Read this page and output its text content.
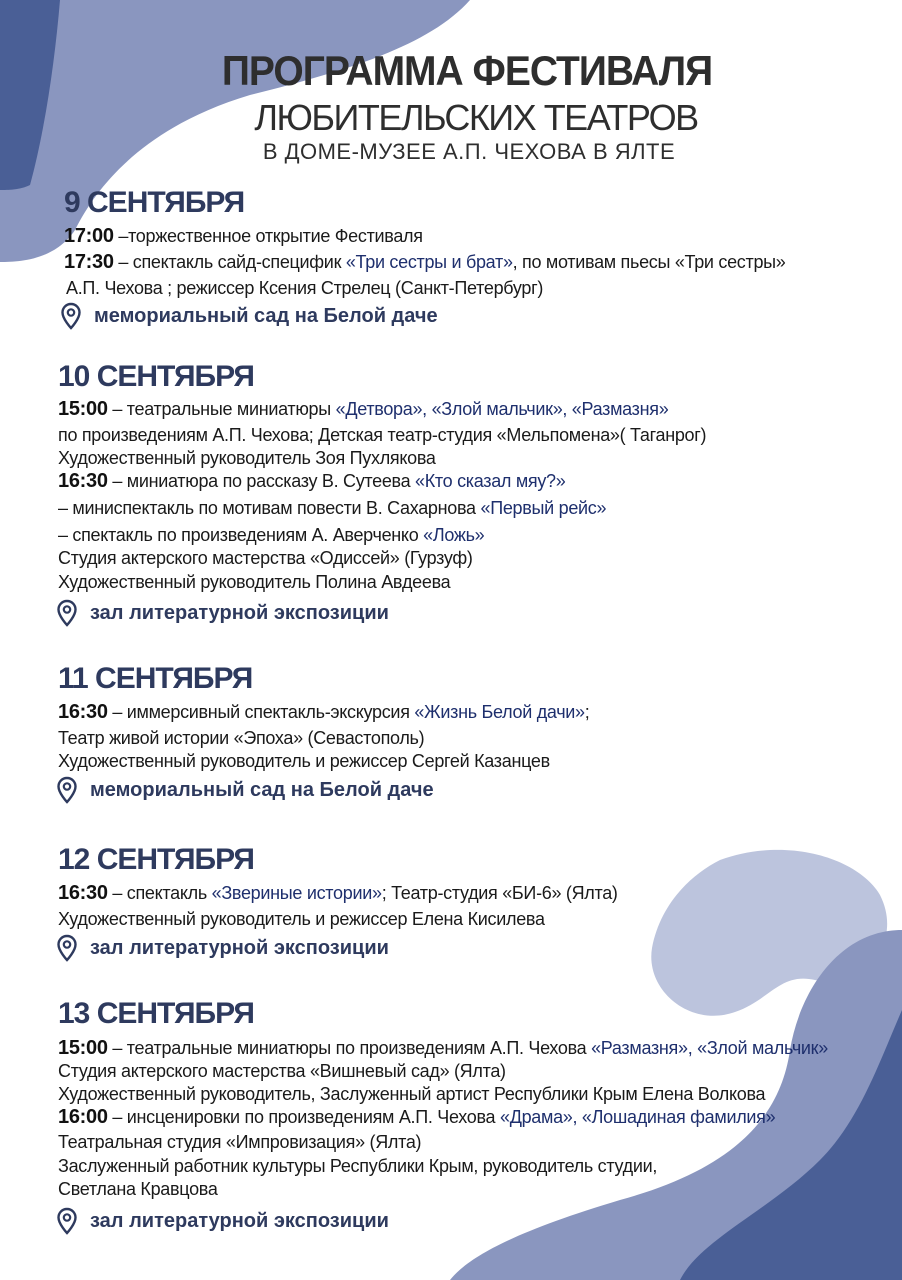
ПРОГРАММА ФЕСТИВАЛЯ
ЛЮБИТЕЛЬСКИХ ТЕАТРОВ
В ДОМЕ-МУЗЕЕ А.П. ЧЕХОВА В ЯЛТЕ
9 СЕНТЯБРЯ
17:00 –торжественное открытие Фестиваля
17:30 – спектакль сайд-специфик «Три сестры и брат», по мотивам пьесы «Три сестры»
А.П. Чехова ; режиссер Ксения Стрелец (Санкт-Петербург)
мемориальный сад на Белой даче
10 СЕНТЯБРЯ
15:00 – театральные миниатюры «Детвора», «Злой мальчик», «Размазня»
по произведениям А.П. Чехова; Детская театр-студия «Мельпомена»( Таганрог)
Художественный руководитель Зоя Пухлякова
16:30 – миниатюра по рассказу В. Сутеева «Кто сказал мяу?»
– миниспектакль по мотивам повести В. Сахарнова «Первый рейс»
– спектакль по произведениям А. Аверченко «Ложь»
Студия актерского мастерства «Одиссей» (Гурзуф)
Художественный руководитель Полина Авдеева
зал литературной экспозиции
11 СЕНТЯБРЯ
16:30 – иммерсивный спектакль-экскурсия «Жизнь Белой дачи»;
Театр живой истории «Эпоха» (Севастополь)
Художественный руководитель и режиссер Сергей Казанцев
мемориальный сад на Белой даче
12 СЕНТЯБРЯ
16:30 – спектакль «Звериные истории»; Театр-студия «БИ-6» (Ялта)
Художественный руководитель и режиссер Елена Кисилева
зал литературной экспозиции
13 СЕНТЯБРЯ
15:00 – театральные миниатюры по произведениям А.П. Чехова «Размазня», «Злой мальчик»
Студия актерского мастерства «Вишневый сад» (Ялта)
Художественный руководитель, Заслуженный артист Республики Крым Елена Волкова
16:00 – инсценировки по произведениям А.П. Чехова «Драма», «Лошадиная фамилия»
Театральная студия «Импровизация» (Ялта)
Заслуженный работник культуры Республики Крым, руководитель студии,
Светлана Кравцова
зал литературной экспозиции
